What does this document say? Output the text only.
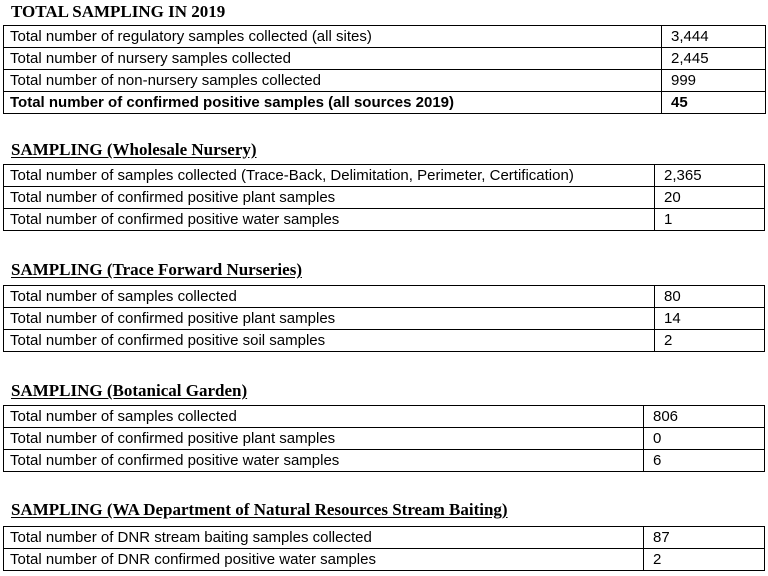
TOTAL SAMPLING IN 2019
Total number of regulatory samples collected (all sites)	3,444
Total number of nursery samples collected	2,445
Total number of non-nursery samples collected	999
Total number of confirmed positive samples (all sources 2019)	45
SAMPLING (Wholesale Nursery)
Total number of samples collected (Trace-Back, Delimitation, Perimeter, Certification)	2,365
Total number of confirmed positive plant samples	20
Total number of confirmed positive water samples	1
SAMPLING (Trace Forward Nurseries)
Total number of samples collected	80
Total number of confirmed positive plant samples	14
Total number of confirmed positive soil samples	2
SAMPLING (Botanical Garden)
Total number of samples collected	806
Total number of confirmed positive plant samples	0
Total number of confirmed positive water samples	6
SAMPLING (WA Department of Natural Resources Stream Baiting)
Total number of DNR stream baiting samples collected	87
Total number of DNR confirmed positive water samples	2
